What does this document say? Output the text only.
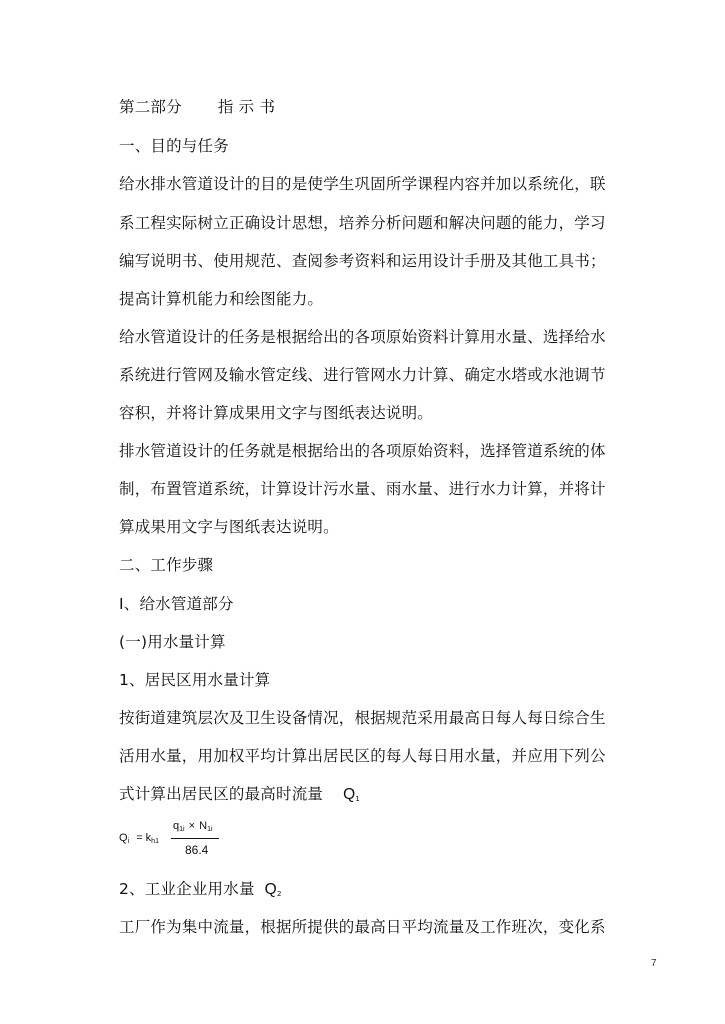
第二部分 指 示 书
一、目的与任务
给水排水管道设计的目的是使学生巩固所学课程内容并加以系统化，联
系工程实际树立正确设计思想，培养分析问题和解决问题的能力，学习
编写说明书、使用规范、查阅参考资料和运用设计手册及其他工具书；
提高计算机能力和绘图能力。
给水管道设计的任务是根据给出的各项原始资料计算用水量、选择给水
系统进行管网及输水管定线、进行管网水力计算、确定水塔或水池调节
容积，并将计算成果用文字与图纸表达说明。
排水管道设计的任务就是根据给出的各项原始资料，选择管道系统的体
制，布置管道系统，计算设计污水量、雨水量、进行水力计算，并将计
算成果用文字与图纸表达说明。
二、工作步骤
I、给水管道部分
(一)用水量计算
1、居民区用水量计算
按街道建筑层次及卫生设备情况，根据规范采用最高日每人每日综合生
活用水量，用加权平均计算出居民区的每人每日用水量，并应用下列公
式计算出居民区的最高时流量 $Q_1$
$Q_i = k_{h1}$
$q_{1i} \times N_{1i}$
86.4
2、工业企业用水量 $Q_2$
工厂作为集中流量，根据所提供的最高日平均流量及工作班次，变化系
7
